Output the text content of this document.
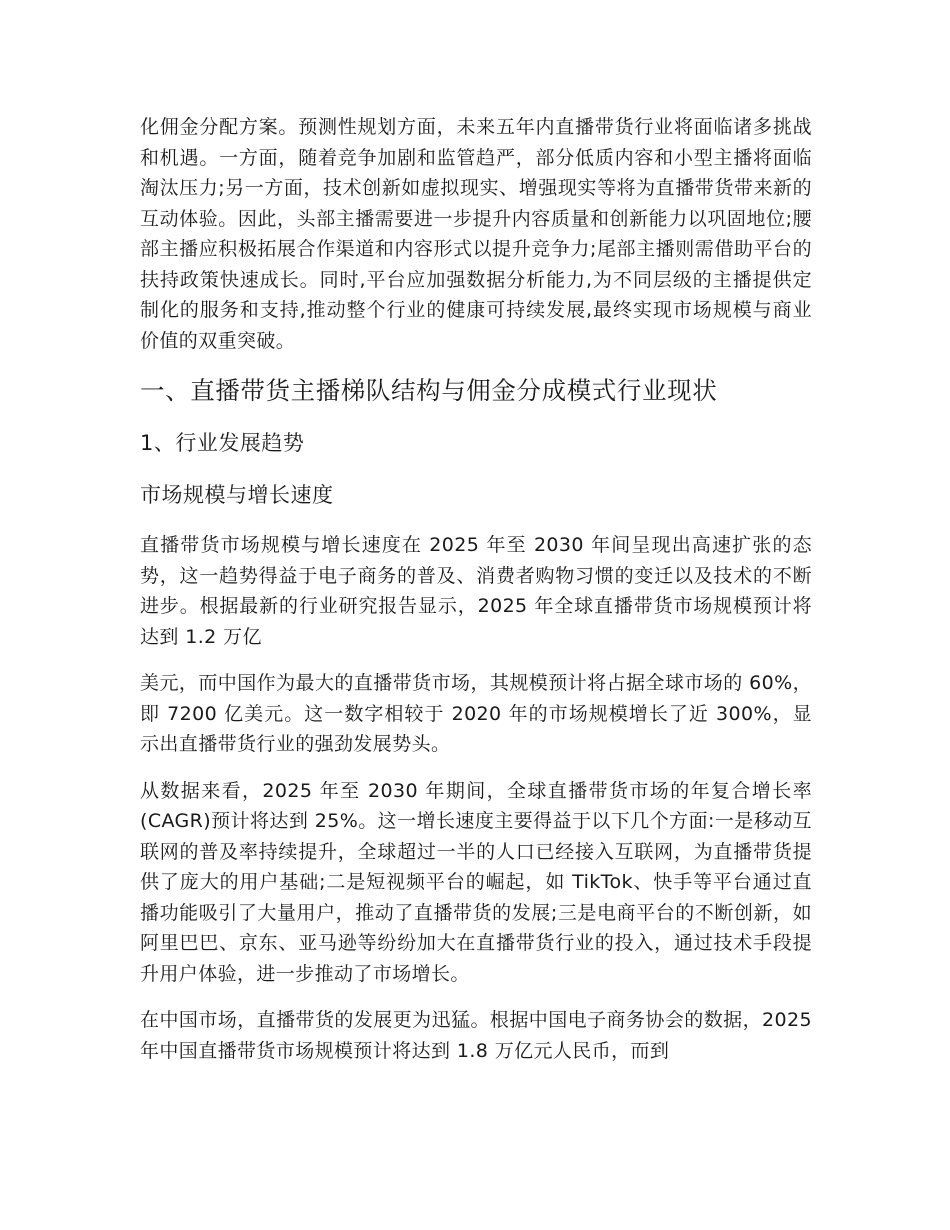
化佣金分配方案。预测性规划方面，未来五年内直播带货行业将面临诸多挑战和机遇。一方面，随着竞争加剧和监管趋严，部分低质内容和小型主播将面临淘汰压力;另一方面，技术创新如虚拟现实、增强现实等将为直播带货带来新的互动体验。因此，头部主播需要进一步提升内容质量和创新能力以巩固地位;腰部主播应积极拓展合作渠道和内容形式以提升竞争力;尾部主播则需借助平台的扶持政策快速成长。同时,平台应加强数据分析能力,为不同层级的主播提供定制化的服务和支持,推动整个行业的健康可持续发展,最终实现市场规模与商业价值的双重突破。

一、直播带货主播梯队结构与佣金分成模式行业现状
1、行业发展趋势
市场规模与增长速度

直播带货市场规模与增长速度在 2025 年至 2030 年间呈现出高速扩张的态势，这一趋势得益于电子商务的普及、消费者购物习惯的变迁以及技术的不断进步。根据最新的行业研究报告显示，2025 年全球直播带货市场规模预计将达到 1.2 万亿

美元，而中国作为最大的直播带货市场，其规模预计将占据全球市场的 60%，即 7200 亿美元。这一数字相较于 2020 年的市场规模增长了近 300%，显示出直播带货行业的强劲发展势头。

从数据来看，2025 年至 2030 年期间，全球直播带货市场的年复合增长率(CAGR)预计将达到 25%。这一增长速度主要得益于以下几个方面:一是移动互联网的普及率持续提升，全球超过一半的人口已经接入互联网，为直播带货提供了庞大的用户基础;二是短视频平台的崛起，如 TikTok、快手等平台通过直播功能吸引了大量用户，推动了直播带货的发展;三是电商平台的不断创新，如阿里巴巴、京东、亚马逊等纷纷加大在直播带货行业的投入，通过技术手段提升用户体验，进一步推动了市场增长。

在中国市场，直播带货的发展更为迅猛。根据中国电子商务协会的数据，2025 年中国直播带货市场规模预计将达到 1.8 万亿元人民币，而到
